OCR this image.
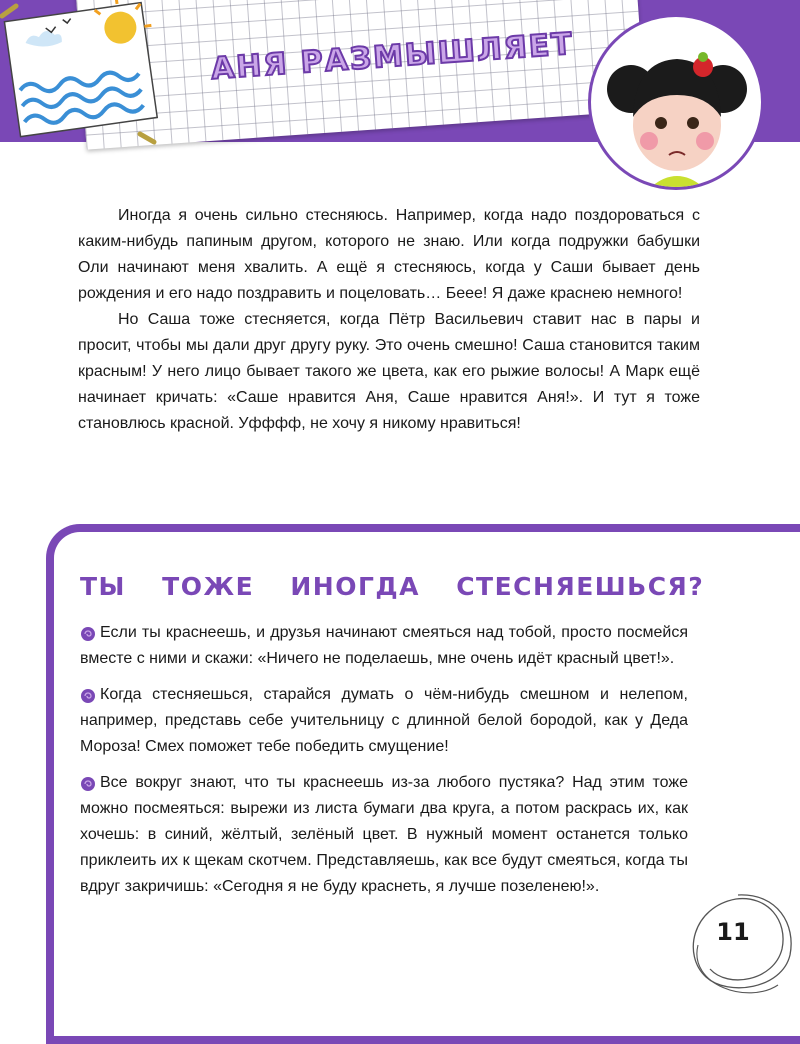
АНЯ РАЗМЫШЛЯЕТ

Иногда я очень сильно стесняюсь. Например, когда надо поздороваться с каким-нибудь папиным другом, которого не знаю. Или когда подружки бабушки Оли начинают меня хвалить. А ещё я стесняюсь, когда у Саши бывает день рождения и его надо поздравить и поцеловать… Бееe! Я даже краснею немного!

Но Саша тоже стесняется, когда Пётр Васильевич ставит нас в пары и просит, чтобы мы дали друг другу руку. Это очень смешно! Саша становится таким красным! У него лицо бывает такого же цвета, как его рыжие волосы! А Марк ещё начинает кричать: «Саше нравится Аня, Саше нравится Аня!». И тут я тоже становлюсь красной. Уфффф, не хочу я никому нравиться!

ТЫ ТОЖЕ ИНОГДА СТЕСНЯЕШЬСЯ?
Если ты краснеешь, и друзья начинают смеяться над тобой, просто посмейся вместе с ними и скажи: «Ничего не поделаешь, мне очень идёт красный цвет!».
Когда стесняешься, старайся думать о чём-нибудь смешном и нелепом, например, представь себе учительницу с длинной белой бородой, как у Деда Мороза! Смех поможет тебе победить смущение!
Все вокруг знают, что ты краснеешь из-за любого пустяка? Над этим тоже можно посмеяться: вырежи из листа бумаги два круга, а потом раскрась их, как хочешь: в синий, жёлтый, зелёный цвет. В нужный момент останется только приклеить их к щекам скотчем. Представляешь, как все будут смеяться, когда ты вдруг закричишь: «Сегодня я не буду краснеть, я лучше позеленею!».
11
